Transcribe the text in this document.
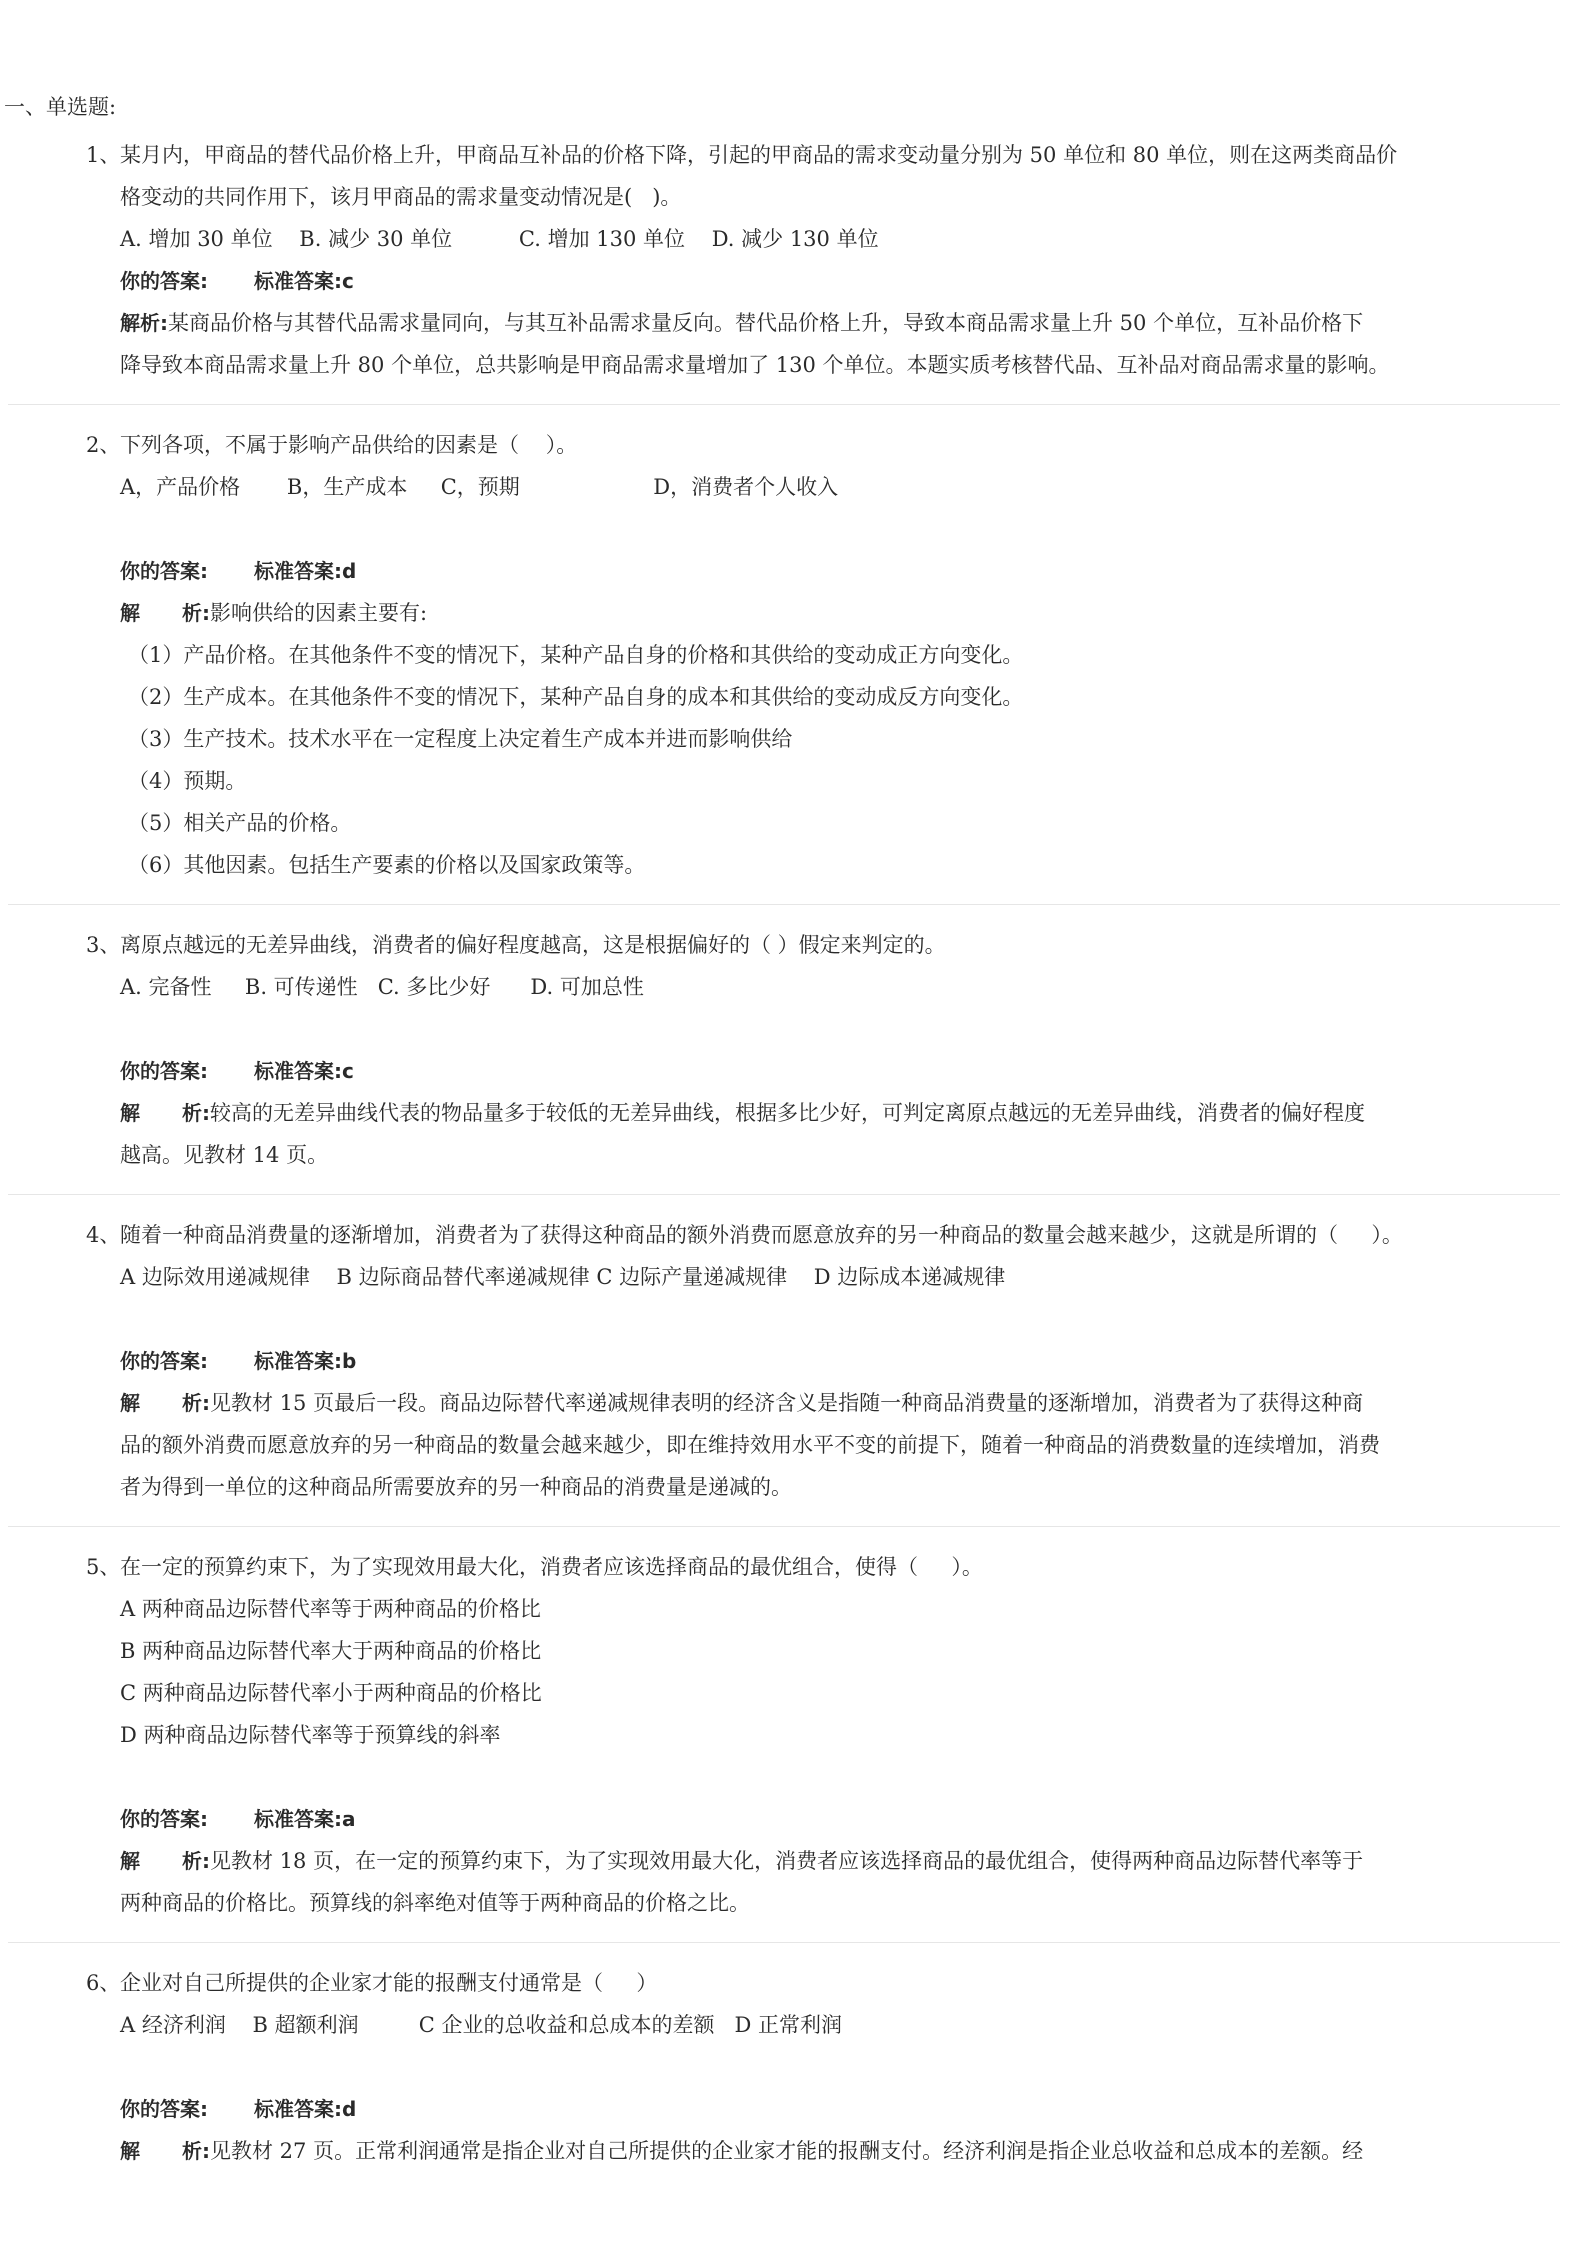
一、单选题:
1、 某月内，甲商品的替代品价格上升，甲商品互补品的价格下降，引起的甲商品的需求变动量分别为 50 单位和 80 单位，则在这两类商品价
格变动的共同作用下，该月甲商品的需求量变动情况是(   )。
A. 增加 30 单位    B. 减少 30 单位          C. 增加 130 单位    D. 减少 130 单位
你的答案: 标准答案:c
解析:某商品价格与其替代品需求量同向，与其互补品需求量反向。替代品价格上升，导致本商品需求量上升 50 个单位，互补品价格下
降导致本商品需求量上升 80 个单位，总共影响是甲商品需求量增加了 130 个单位。本题实质考核替代品、互补品对商品需求量的影响。
2、 下列各项，不属于影响产品供给的因素是（    ）。
A，产品价格       B，生产成本     C，预期                    D，消费者个人收入
你的答案: 标准答案:d
解 析:影响供给的因素主要有:
（1）产品价格。在其他条件不变的情况下，某种产品自身的价格和其供给的变动成正方向变化。
（2）生产成本。在其他条件不变的情况下，某种产品自身的成本和其供给的变动成反方向变化。
（3）生产技术。技术水平在一定程度上决定着生产成本并进而影响供给
（4）预期。
（5）相关产品的价格。
（6）其他因素。包括生产要素的价格以及国家政策等。
3、 离原点越远的无差异曲线，消费者的偏好程度越高，这是根据偏好的（ ）假定来判定的。
A. 完备性     B. 可传递性   C. 多比少好      D. 可加总性
你的答案: 标准答案:c
解 析:较高的无差异曲线代表的物品量多于较低的无差异曲线，根据多比少好，可判定离原点越远的无差异曲线，消费者的偏好程度
越高。见教材 14 页。
4、 随着一种商品消费量的逐渐增加，消费者为了获得这种商品的额外消费而愿意放弃的另一种商品的数量会越来越少，这就是所谓的（     ）。
A 边际效用递减规律    B 边际商品替代率递减规律 C 边际产量递减规律    D 边际成本递减规律
你的答案: 标准答案:b
解 析:见教材 15 页最后一段。商品边际替代率递减规律表明的经济含义是指随一种商品消费量的逐渐增加，消费者为了获得这种商
品的额外消费而愿意放弃的另一种商品的数量会越来越少，即在维持效用水平不变的前提下，随着一种商品的消费数量的连续增加，消费
者为得到一单位的这种商品所需要放弃的另一种商品的消费量是递减的。
5、 在一定的预算约束下，为了实现效用最大化，消费者应该选择商品的最优组合，使得（     ）。
A 两种商品边际替代率等于两种商品的价格比
B 两种商品边际替代率大于两种商品的价格比
C 两种商品边际替代率小于两种商品的价格比
D 两种商品边际替代率等于预算线的斜率
你的答案: 标准答案:a
解 析:见教材 18 页，在一定的预算约束下，为了实现效用最大化，消费者应该选择商品的最优组合，使得两种商品边际替代率等于
两种商品的价格比。预算线的斜率绝对值等于两种商品的价格之比。
6、 企业对自己所提供的企业家才能的报酬支付通常是（     ）
A 经济利润    B 超额利润         C 企业的总收益和总成本的差额   D 正常利润
你的答案: 标准答案:d
解 析:见教材 27 页。正常利润通常是指企业对自己所提供的企业家才能的报酬支付。经济利润是指企业总收益和总成本的差额。经
